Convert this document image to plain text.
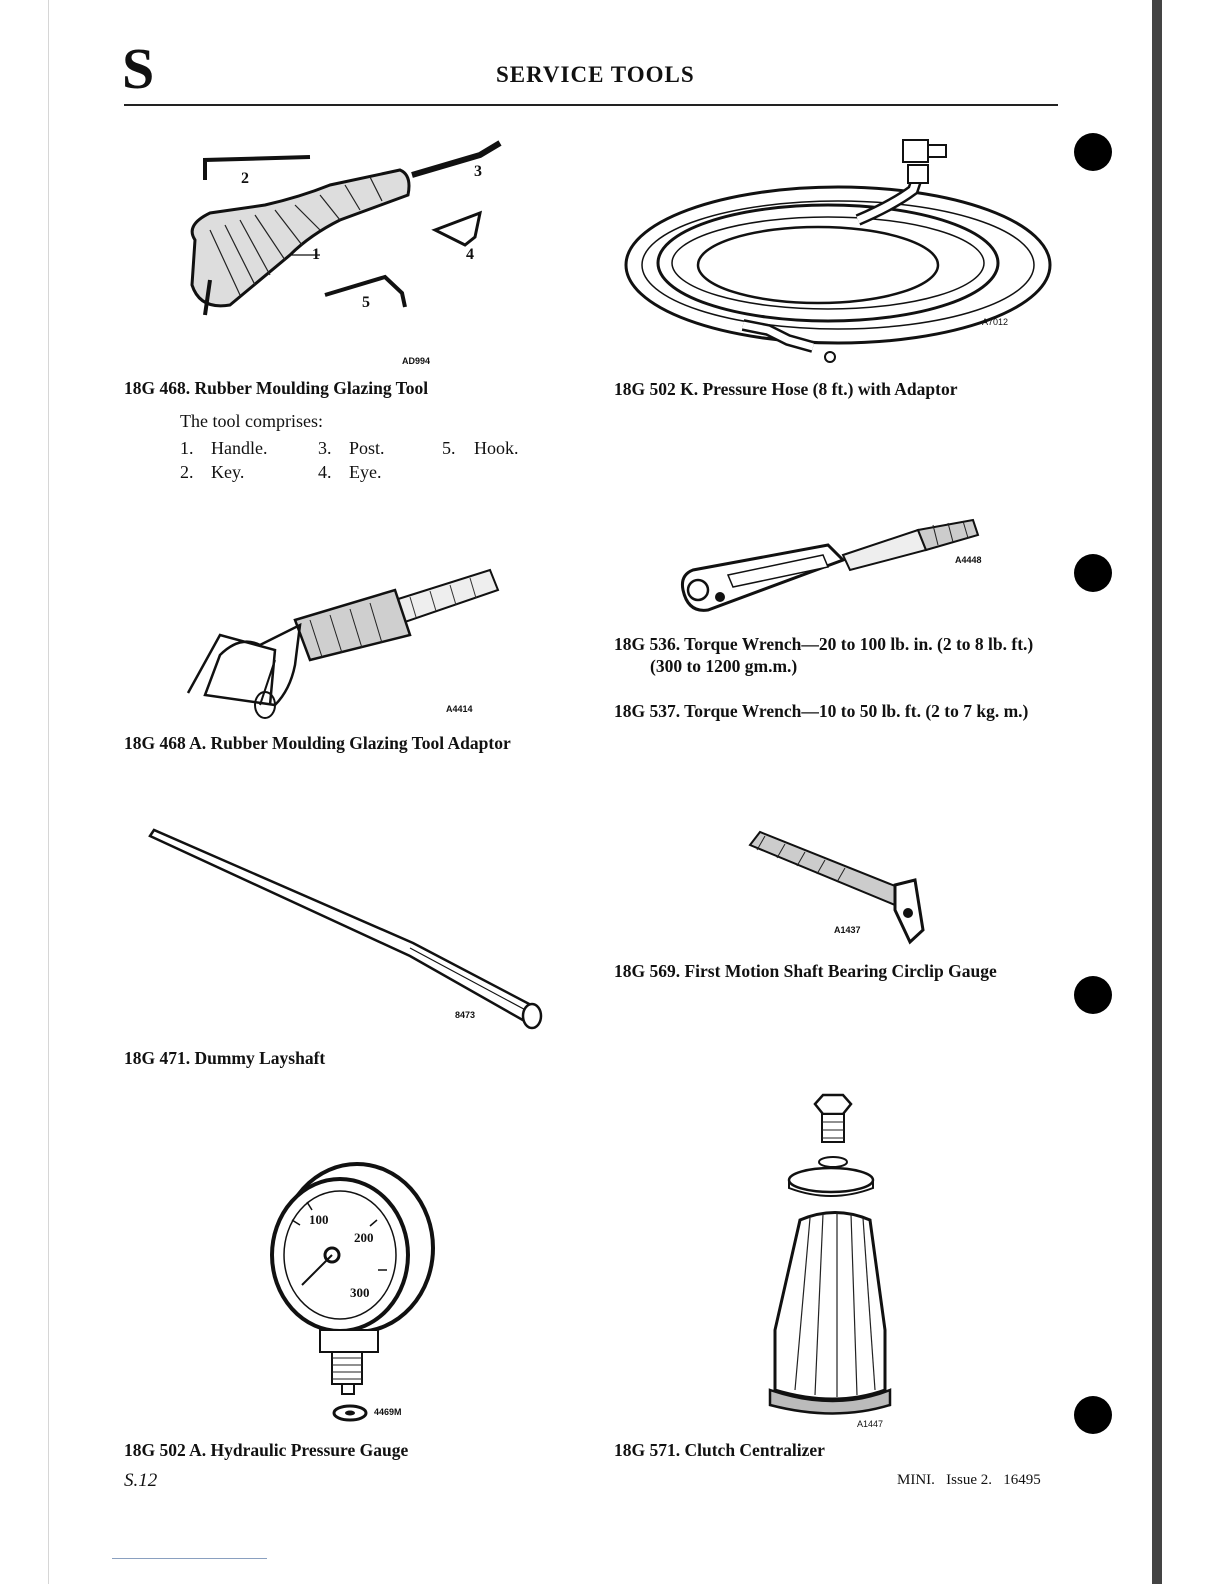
S	SERVICE TOOLS
2	3
1	4
5
AD994
18G 468. Rubber Moulding Glazing Tool
The tool comprises:
1. Handle.	3. Post.	5. Hook.
2. Key.	4. Eye.
A7012
18G 502 K. Pressure Hose (8 ft.) with Adaptor
A4414
18G 468 A. Rubber Moulding Glazing Tool Adaptor
A4448
18G 536. Torque Wrench—20 to 100 lb. in. (2 to 8 lb. ft.)
(300 to 1200 gm.m.)
18G 537. Torque Wrench—10 to 50 lb. ft. (2 to 7 kg. m.)
8473
18G 471. Dummy Layshaft
A1437
18G 569. First Motion Shaft Bearing Circlip Gauge
100
200
300
4469M
18G 502 A. Hydraulic Pressure Gauge
A1447
18G 571. Clutch Centralizer
S.12	MINI.   Issue 2.   16495
